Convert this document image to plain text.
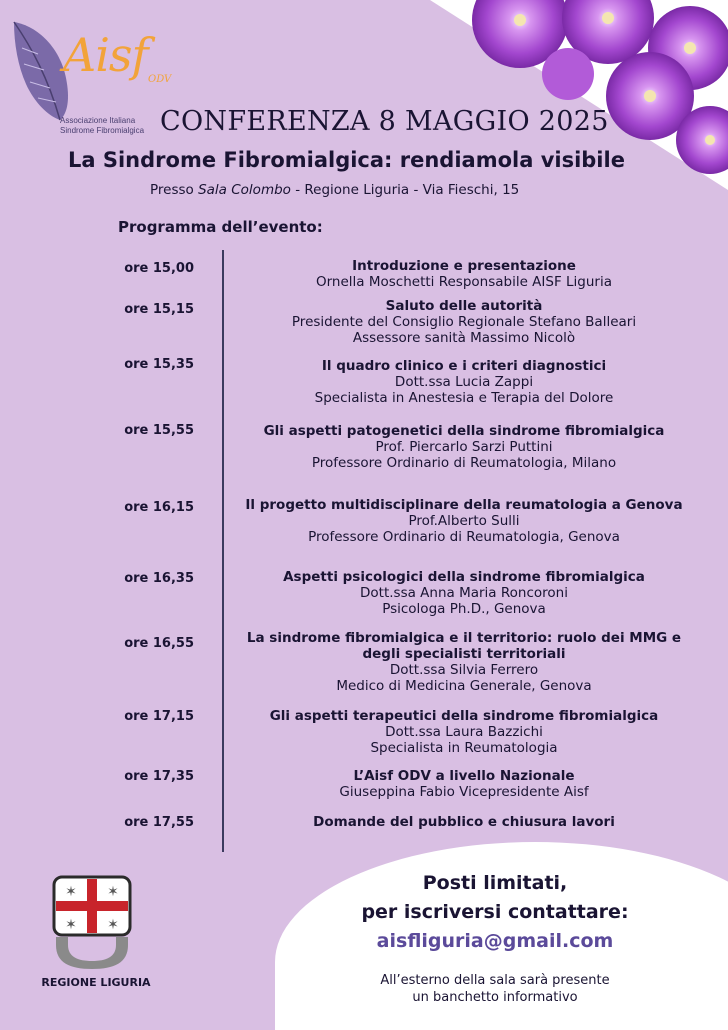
Aisf ODV
Associazione Italiana
Sindrome Fibromialgica CONFERENZA 8 MAGGIO 2025
La Sindrome Fibromialgica: rendiamola visibile
Presso Sala Colombo - Regione Liguria - Via Fieschi, 15
Programma dell’evento:
ore 15,00	Introduzione e presentazione
Ornella Moschetti Responsabile AISF Liguria
ore 15,15	Saluto delle autorità
Presidente del Consiglio Regionale Stefano Balleari
Assessore sanità Massimo Nicolò
ore 15,35	Il quadro clinico e i criteri diagnostici
Dott.ssa Lucia Zappi
Specialista in Anestesia e Terapia del Dolore
ore 15,55	Gli aspetti patogenetici della sindrome fibromialgica
Prof. Piercarlo Sarzi Puttini
Professore Ordinario di Reumatologia, Milano
ore 16,15	Il progetto multidisciplinare della reumatologia a Genova
Prof.Alberto Sulli
Professore Ordinario di Reumatologia, Genova
ore 16,35	Aspetti psicologici della sindrome fibromialgica
Dott.ssa Anna Maria Roncoroni
Psicologa Ph.D., Genova
ore 16,55	La sindrome fibromialgica e il territorio: ruolo dei MMG e degli specialisti territoriali
Dott.ssa Silvia Ferrero
Medico di Medicina Generale, Genova
ore 17,15	Gli aspetti terapeutici della sindrome fibromialgica
Dott.ssa Laura Bazzichi
Specialista in Reumatologia
ore 17,35	L’Aisf ODV a livello Nazionale
Giuseppina Fabio Vicepresidente Aisf
ore 17,55	Domande del pubblico e chiusura lavori
Posti limitati,
per iscriversi contattare:
aisfliguria@gmail.com
All’esterno della sala sarà presente
un banchetto informativo
✶ ✶
✶ ✶
REGIONE LIGURIA
